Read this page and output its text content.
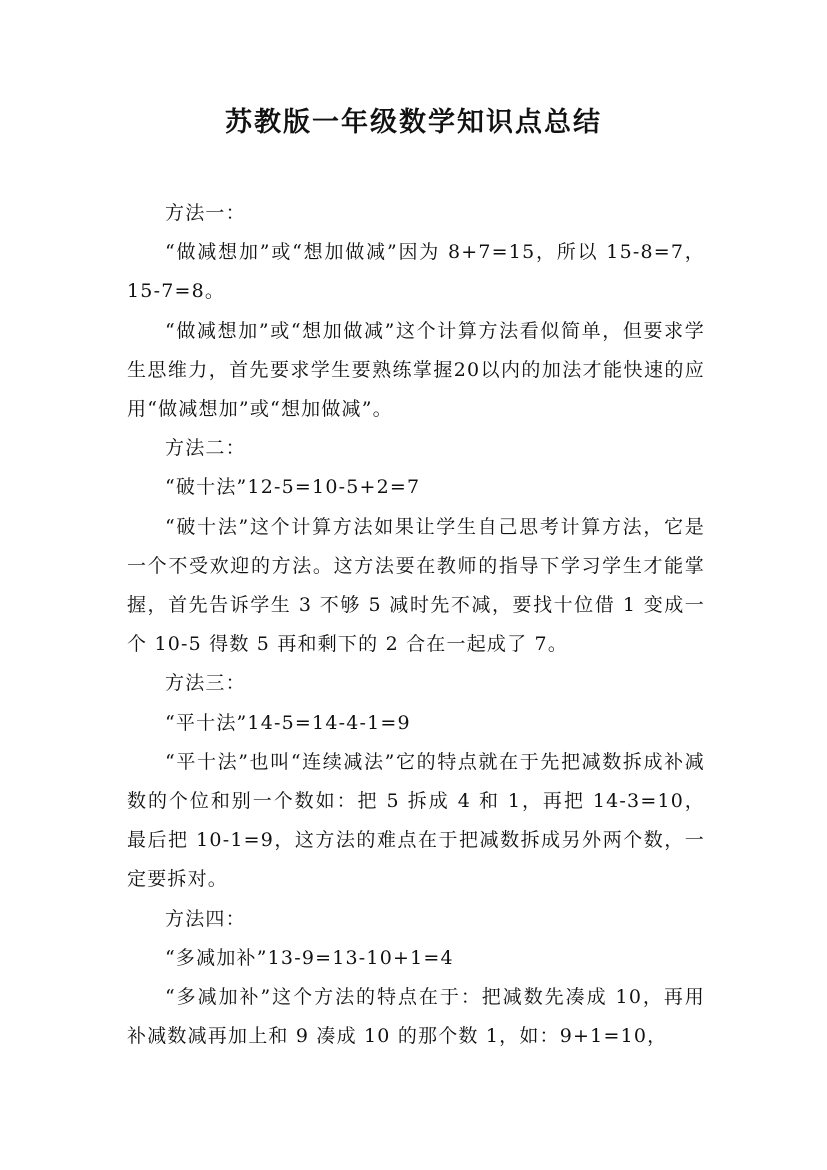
苏教版一年级数学知识点总结

方法一：

“做减想加”或“想加做减”因为 8+7=15，所以 15-8=7，15-7=8。

“做减想加”或“想加做减”这个计算方法看似简单，但要求学生思维力，首先要求学生要熟练掌握20以内的加法才能快速的应用“做减想加”或“想加做减”。

方法二：

“破十法”12-5=10-5+2=7

“破十法”这个计算方法如果让学生自己思考计算方法，它是一个不受欢迎的方法。这方法要在教师的指导下学习学生才能掌握，首先告诉学生 3 不够 5 减时先不减，要找十位借 1 变成一个 10-5 得数 5 再和剩下的 2 合在一起成了 7。

方法三：

“平十法”14-5=14-4-1=9

“平十法”也叫“连续减法”它的特点就在于先把减数拆成补减数的个位和别一个数如：把 5 拆成 4 和 1，再把 14-3=10，最后把 10-1=9，这方法的难点在于把减数拆成另外两个数，一定要拆对。

方法四：

“多减加补”13-9=13-10+1=4

“多减加补”这个方法的特点在于：把减数先凑成 10，再用补减数减再加上和 9 凑成 10 的那个数 1，如：9+1=10，
